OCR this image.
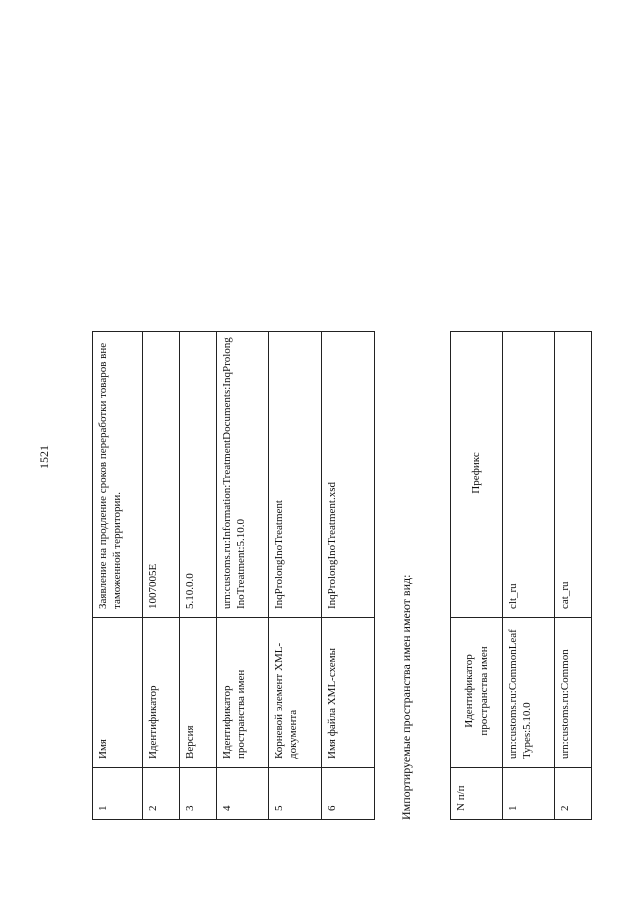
1521
1	Имя	Заявление на продление сроков переработки товаров вне таможенной территории.
2	Идентификатор	1007005E
3	Версия	5.10.0.0
4	Идентификатор пространства имен	urn:customs.ru:Information:TreatmentDocuments:InqProlongInoTreatment:5.10.0
5	Корневой элемент XML-документа	InqProlongInoTreatment
6	Имя файла XML-схемы	InqProlongInoTreatment.xsd
Импортируемые пространства имен имеют вид:	N п/п	Идентификатор пространства имен	Префикс
1	urn:customs.ru:CommonLeafTypes:5.10.0	clt_ru
2	urn:customs.ru:Common	cat_ru
